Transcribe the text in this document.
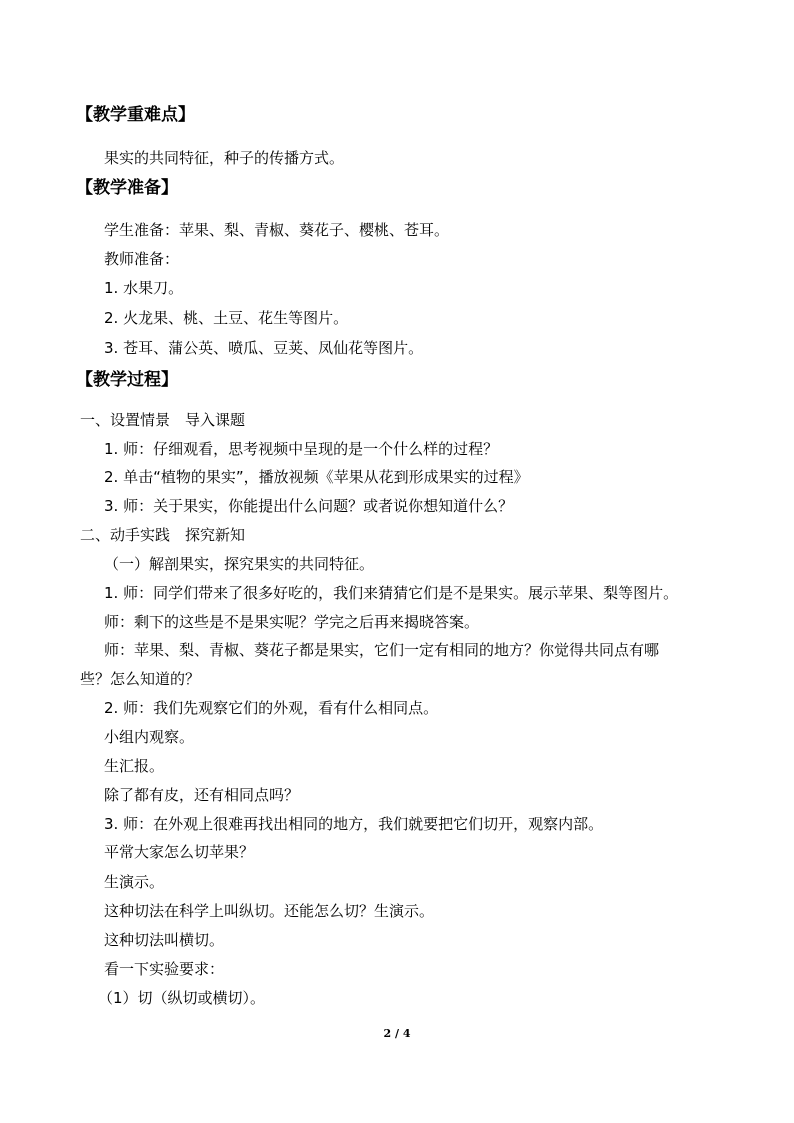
【教学重难点】
果实的共同特征，种子的传播方式。
【教学准备】
学生准备：苹果、梨、青椒、葵花子、樱桃、苍耳。
教师准备：
1. 水果刀。
2. 火龙果、桃、土豆、花生等图片。
3. 苍耳、蒲公英、喷瓜、豆荚、凤仙花等图片。
【教学过程】
一、设置情景　导入课题
1. 师：仔细观看，思考视频中呈现的是一个什么样的过程？
2. 单击“植物的果实”，播放视频《苹果从花到形成果实的过程》
3. 师：关于果实，你能提出什么问题？或者说你想知道什么？
二、动手实践　探究新知
（一）解剖果实，探究果实的共同特征。
1. 师：同学们带来了很多好吃的，我们来猜猜它们是不是果实。展示苹果、梨等图片。
师：剩下的这些是不是果实呢？学完之后再来揭晓答案。
师：苹果、梨、青椒、葵花子都是果实，它们一定有相同的地方？你觉得共同点有哪
些？怎么知道的？
2. 师：我们先观察它们的外观，看有什么相同点。
小组内观察。
生汇报。
除了都有皮，还有相同点吗？
3. 师：在外观上很难再找出相同的地方，我们就要把它们切开，观察内部。
平常大家怎么切苹果？
生演示。
这种切法在科学上叫纵切。还能怎么切？生演示。
这种切法叫横切。
看一下实验要求：
（1）切（纵切或横切）。
2 / 4
